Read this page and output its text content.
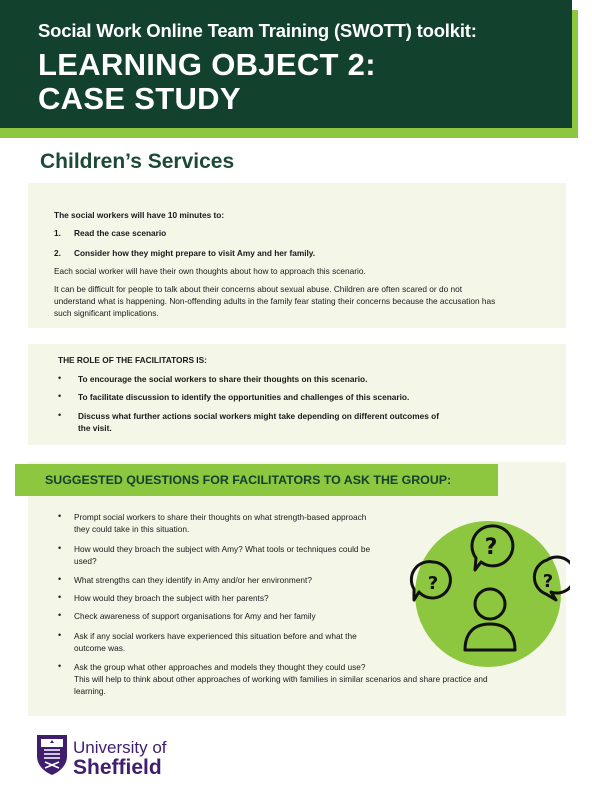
Social Work Online Team Training (SWOTT) toolkit:
LEARNING OBJECT 2:
CASE STUDY
Children’s Services
The social workers will have 10 minutes to:
1. Read the case scenario
2. Consider how they might prepare to visit Amy and her family.
Each social worker will have their own thoughts about how to approach this scenario.
It can be difficult for people to talk about their concerns about sexual abuse. Children are often scared or do not
understand what is happening. Non-offending adults in the family fear stating their concerns because the accusation has
such significant implications.
THE ROLE OF THE FACILITATORS IS:
• To encourage the social workers to share their thoughts on this scenario.
• To facilitate discussion to identify the opportunities and challenges of this scenario.
• Discuss what further actions social workers might take depending on different outcomes of
the visit.
• Prompt social workers to share their thoughts on what strength-based approach
they could take in this situation.
• How would they broach the subject with Amy? What tools or techniques could be
used?
• What strengths can they identify in Amy and/or her environment?
• How would they broach the subject with her parents?
• Check awareness of support organisations for Amy and her family
• Ask if any social workers have experienced this situation before and what the
outcome was.
• Ask the group what other approaches and models they thought they could use?
This will help to think about other approaches of working with families in similar scenarios and share practice and
learning.
SUGGESTED QUESTIONS FOR FACILITATORS TO ASK THE GROUP:
?
?	?
University of
Sheffield
